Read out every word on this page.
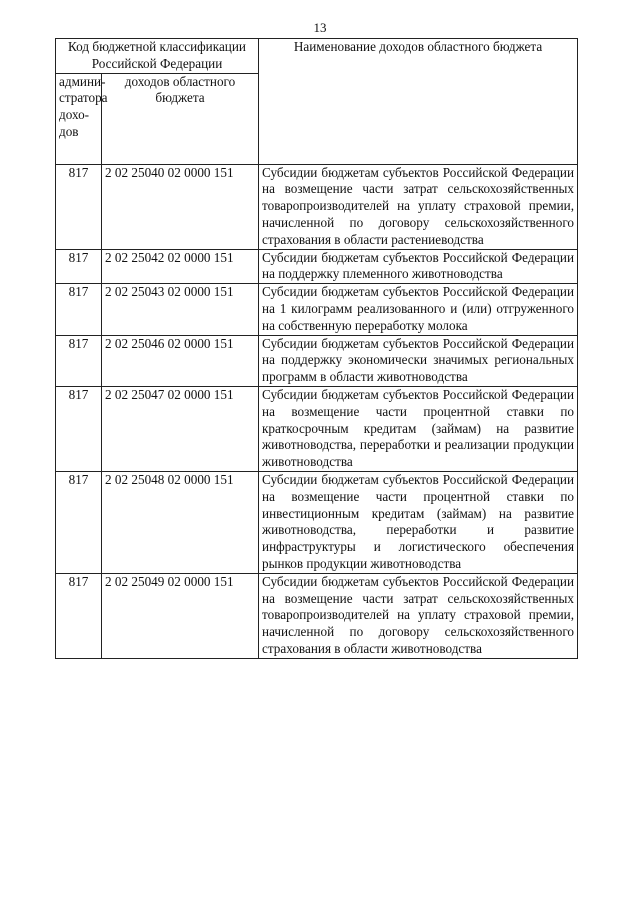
13
Код бюджетной классификации Российской Федерации		Наименование доходов областного бюджета
админи-стратора дохо-дов	доходов областного бюджета	
817	2 02 25040 02 0000 151	Субсидии бюджетам субъектов Российской Федерации на возмещение части затрат сельскохозяйственных товаропроизводителей на уплату страховой премии, начисленной по договору сельскохозяйственного страхования в области растениеводства
817	2 02 25042 02 0000 151	Субсидии бюджетам субъектов Российской Федерации на поддержку племенного животноводства
817	2 02 25043 02 0000 151	Субсидии бюджетам субъектов Российской Федерации на 1 килограмм реализованного и (или) отгруженного на собственную переработку молока
817	2 02 25046 02 0000 151	Субсидии бюджетам субъектов Российской Федерации на поддержку экономически значимых региональных программ в области животноводства
817	2 02 25047 02 0000 151	Субсидии бюджетам субъектов Российской Федерации на возмещение части процентной ставки по краткосрочным кредитам (займам) на развитие животноводства, переработки и реализации продукции животноводства
817	2 02 25048 02 0000 151	Субсидии бюджетам субъектов Российской Федерации на возмещение части процентной ставки по инвестиционным кредитам (займам) на развитие животноводства, переработки и развитие инфраструктуры и логистического обеспечения рынков продукции животноводства
817	2 02 25049 02 0000 151	Субсидии бюджетам субъектов Российской Федерации на возмещение части затрат сельскохозяйственных товаропроизводителей на уплату страховой премии, начисленной по договору сельскохозяйственного страхования в области животноводства
